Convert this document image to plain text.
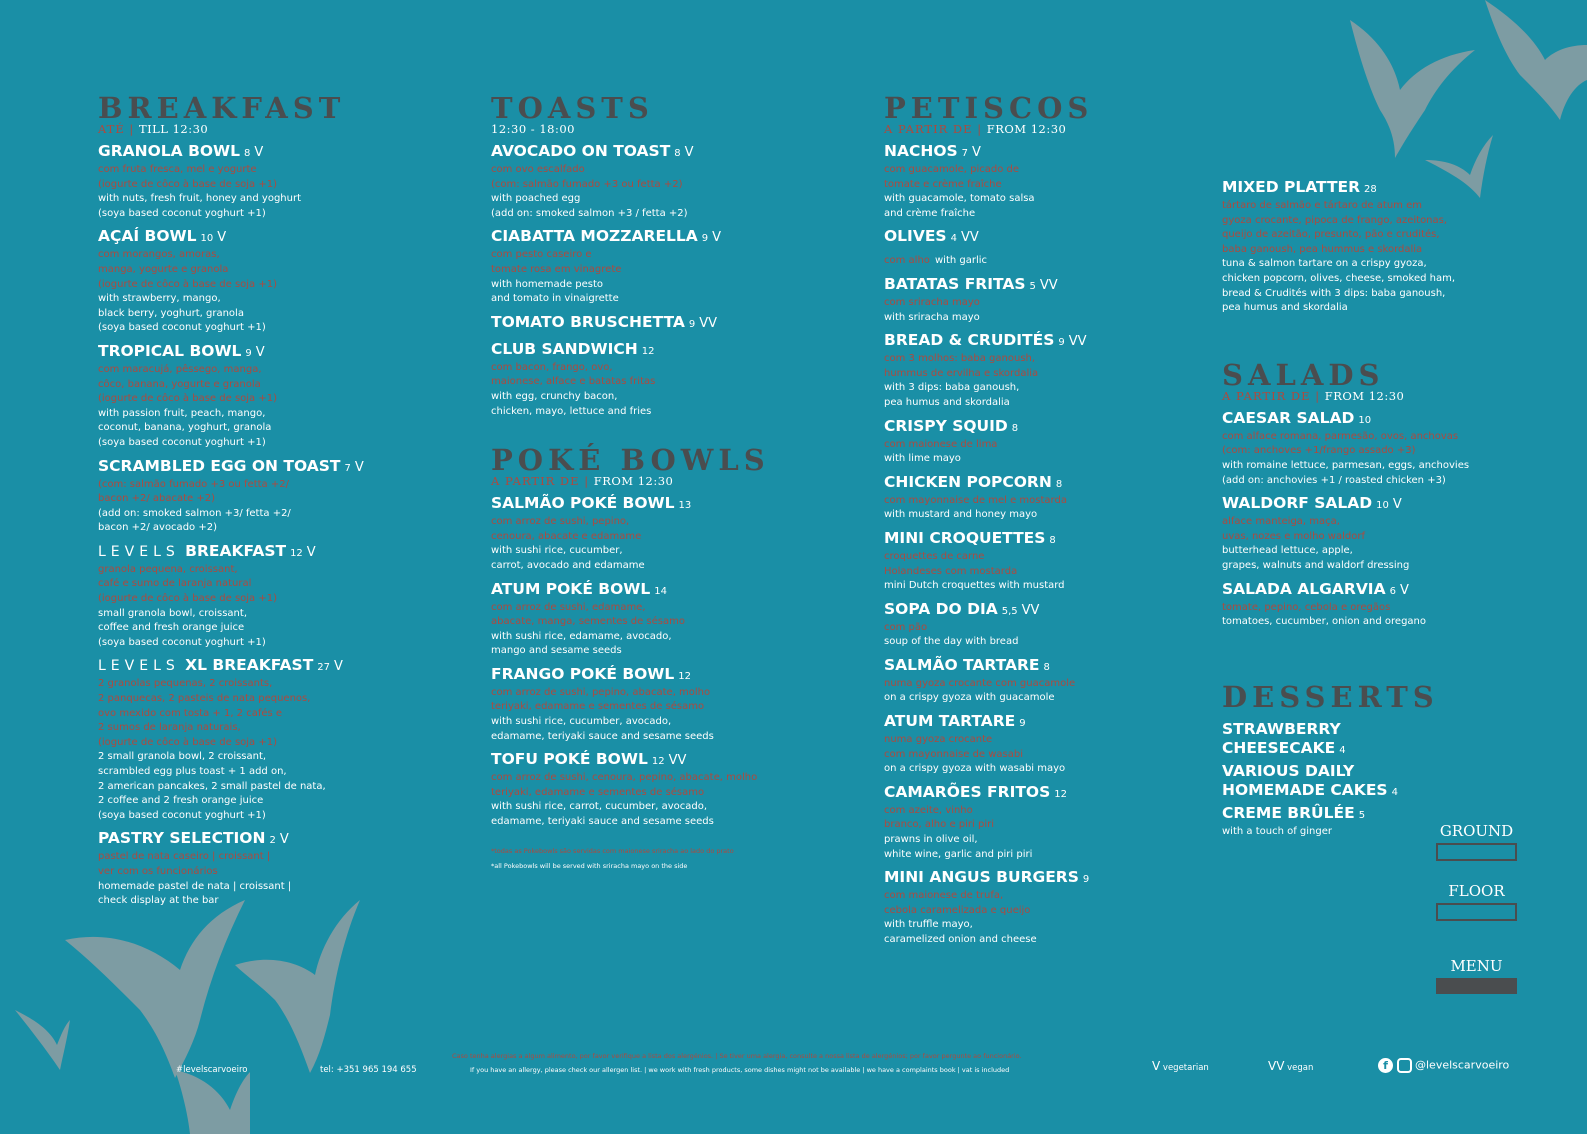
BREAKFAST
ATÉ | TILL 12:30
GRANOLA BOWL 8 V
com fruta fresca, mel e yogurte
(iogurte de côco à base de soja +1)
with nuts, fresh fruit, honey and yoghurt
(soya based coconut yoghurt +1)
AÇAÍ BOWL 10 V
com morangos, amoras,
manga, yogurte e granola
(iogurte de côco à base de soja +1)
with strawberry, mango,
black berry, yoghurt, granola
(soya based coconut yoghurt +1)
TROPICAL BOWL 9 V
com maracujá, pêssego, manga,
côco, banana, yogurte e granola
(iogurte de côco à base de soja +1)
with passion fruit, peach, mango,
coconut, banana, yoghurt, granola
(soya based coconut yoghurt +1)
SCRAMBLED EGG ON TOAST 7 V
(com: salmão fumado +3 ou fetta +2/
bacon +2/ abacate +2)
(add on: smoked salmon +3/ fetta +2/
bacon +2/ avocado +2)
LEVELS BREAKFAST 12 V
granola pequena, croissant,
café e sumo de laranja natural
(iogurte de côco à base de soja +1)
small granola bowl, croissant,
coffee and fresh orange juice
(soya based coconut yoghurt +1)
LEVELS XL BREAKFAST 27 V
2 granolas pequenas, 2 croissants,
2 panquecas, 2 pasteis de nata pequenos,
ovo mexido com tosta + 1, 2 cafés e
2 sumos de laranja naturais,
(iogurte de côco à base de soja +1)
2 small granola bowl, 2 croissant,
scrambled egg plus toast + 1 add on,
2 american pancakes, 2 small pastel de nata,
2 coffee and 2 fresh orange juice
(soya based coconut yoghurt +1)
PASTRY SELECTION 2 V
pastel de nata caseiro | croissant |
ver com os funcionários
homemade pastel de nata | croissant |
check display at the bar
TOASTS
12:30 - 18:00
AVOCADO ON TOAST 8 V
com ovo escalfado
(com: salmão fumado +3 ou fetta +2)
with poached egg
(add on: smoked salmon +3 / fetta +2)
CIABATTA MOZZARELLA 9 V
com pesto caseiro e
tomate rosa em vinagrete
with homemade pesto
and tomato in vinaigrette
TOMATO BRUSCHETTA 9 VV
CLUB SANDWICH 12
com bacon, frango, ovo,
maionese, alface e batatas fritas
with egg, crunchy bacon,
chicken, mayo, lettuce and fries
POKÉ BOWLS
A PARTIR DE | FROM 12:30
SALMÃO POKÉ BOWL 13
com arroz de sushi, pepino,
cenoura, abacate e edamame
with sushi rice, cucumber,
carrot, avocado and edamame
ATUM POKÉ BOWL 14
com arroz de sushi, edamame,
abacate, manga, sementes de sésamo
with sushi rice, edamame, avocado,
mango and sesame seeds
FRANGO POKÉ BOWL 12
com arroz de sushi, pepino, abacate, molho
teriyaki, edamame e sementes de sésamo
with sushi rice, cucumber, avocado,
edamame, teriyaki sauce and sesame seeds
TOFU POKÉ BOWL 12 VV
com arroz de sushi, cenoura, pepino, abacate, molho
teriyaki, edamame e sementes de sésamo
with sushi rice, carrot, cucumber, avocado,
edamame, teriyaki sauce and sesame seeds
*todas as Pokebowls são servidas com maionese sriracha ao lado do prato
*all Pokebowls will be served with sriracha mayo on the side
PETISCOS
A PARTIR DE | FROM 12:30
NACHOS 7 V
com guacamole, picado de
tomate e crème fraîche
with guacamole, tomato salsa
and crème fraîche
OLIVES 4 VV
com alho with garlic
BATATAS FRITAS 5 VV
com sriracha mayo
with sriracha mayo
BREAD & CRUDITÉS 9 VV
com 3 molhos: baba ganoush,
hummus de ervilha e skordalia
with 3 dips: baba ganoush,
pea humus and skordalia
CRISPY SQUID 8
com maionese de lima
with lime mayo
CHICKEN POPCORN 8
com mayonnaise de mel e mostarda
with mustard and honey mayo
MINI CROQUETTES 8
croquettes de carne
Holandeses com mostarda
mini Dutch croquettes with mustard
SOPA DO DIA 5,5 VV
com pão
soup of the day with bread
SALMÃO TARTARE 8
numa gyoza crocante com guacamole
on a crispy gyoza with guacamole
ATUM TARTARE 9
numa gyoza crocante
com mayonnaise de wasabi
on a crispy gyoza with wasabi mayo
CAMARÕES FRITOS 12
com azeite, vinho
branco, alho e piri piri
prawns in olive oil,
white wine, garlic and piri piri
MINI ANGUS BURGERS 9
com maionese de trufa,
cebola caramelizada e queijo
with truffle mayo,
caramelized onion and cheese
MIXED PLATTER 28
tártaro de salmão e tártaro de atum em
gyoza crocante, pipoca de frango, azeitonas,
queijo de azeitão, presunto, pão e crudités,
baba ganoush, pea hummus e skordalia
tuna & salmon tartare on a crispy gyoza,
chicken popcorn, olives, cheese, smoked ham,
bread & Crudités with 3 dips: baba ganoush,
pea humus and skordalia
SALADS
A PARTIR DE | FROM 12:30
CAESAR SALAD 10
com alface romana, parmesão, ovos, anchovas
(com: anchoves +1/frango assado +3)
with romaine lettuce, parmesan, eggs, anchovies
(add on: anchovies +1 / roasted chicken +3)
WALDORF SALAD 10 V
alface manteiga, maça,
uvas, nozes e molho waldorf
butterhead lettuce, apple,
grapes, walnuts and waldorf dressing
SALADA ALGARVIA 6 V
tomate, pepino, cebola e oregãos
tomatoes, cucumber, onion and oregano
DESSERTS
STRAWBERRY
CHEESECAKE 4
VARIOUS DAILY
HOMEMADE CAKES 4
CREME BRÛLÉE 5
with a touch of ginger	GROUND
FLOOR
MENU
#levelscarvoeiro	tel: +351 965 194 655
Caso tenha alergias a algum alimento, por favor verifique a lista dos alergénios. | Se tiver uma alergia, consulte a nossa lista de alergénios; por favor pergunte ao funcionário.
If you have an allergy, please check our allergen list. | we work with fresh products, some dishes might not be available | we have a complaints book | vat is included	V vegetarian	VV vegan	f @levelscarvoeiro
